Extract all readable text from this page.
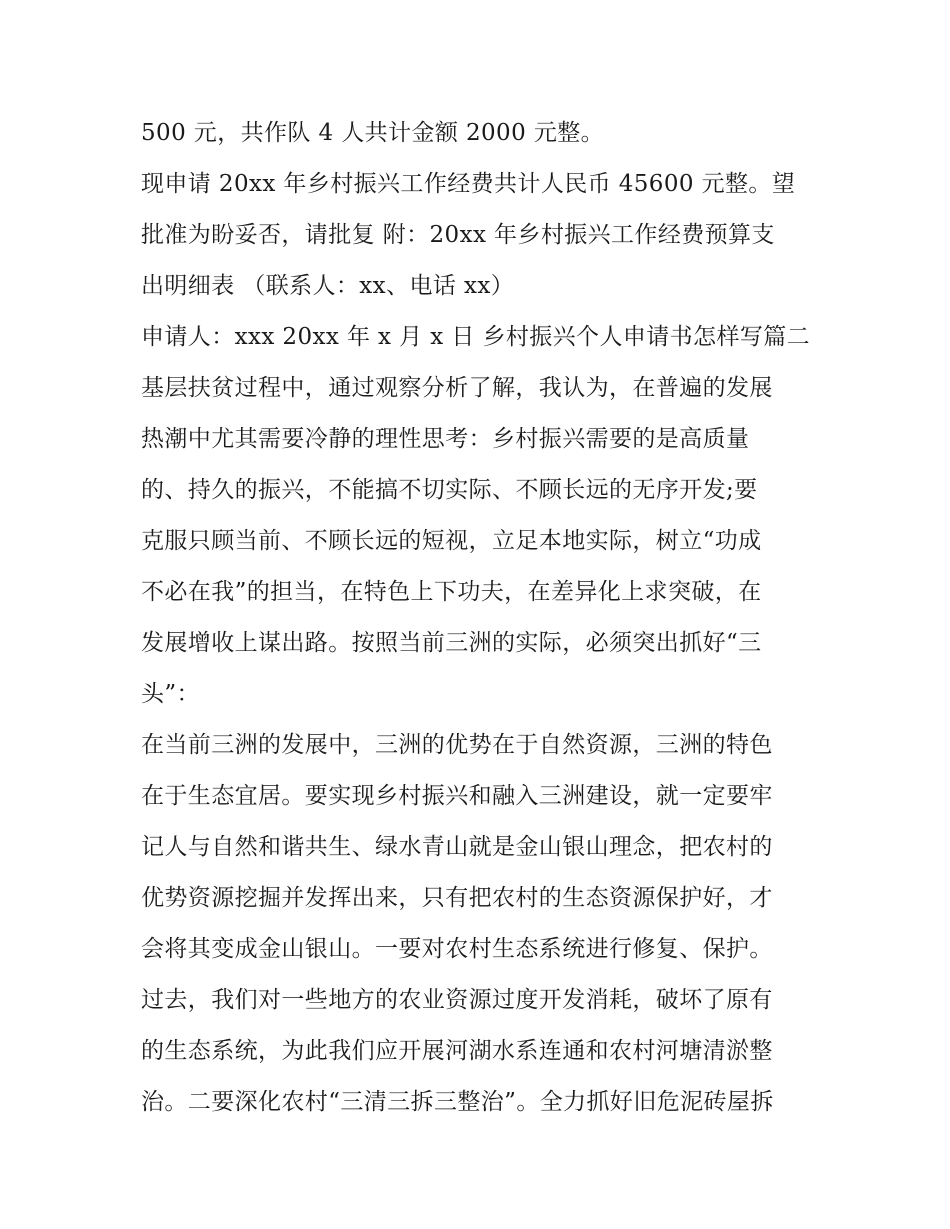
500 元，共作队 4 人共计金额 2000 元整。
现申请 20xx 年乡村振兴工作经费共计人民币 45600 元整。望
批准为盼妥否，请批复 附：20xx 年乡村振兴工作经费预算支
出明细表 （联系人：xx、电话 xx）
申请人：xxx 20xx 年 x 月 x 日 乡村振兴个人申请书怎样写篇二
基层扶贫过程中，通过观察分析了解，我认为，在普遍的发展
热潮中尤其需要冷静的理性思考：乡村振兴需要的是高质量
的、持久的振兴，不能搞不切实际、不顾长远的无序开发;要
克服只顾当前、不顾长远的短视，立足本地实际，树立“功成
不必在我”的担当，在特色上下功夫，在差异化上求突破，在
发展增收上谋出路。按照当前三洲的实际，必须突出抓好“三
头”：
在当前三洲的发展中，三洲的优势在于自然资源，三洲的特色
在于生态宜居。要实现乡村振兴和融入三洲建设，就一定要牢
记人与自然和谐共生、绿水青山就是金山银山理念，把农村的
优势资源挖掘并发挥出来，只有把农村的生态资源保护好，才
会将其变成金山银山。一要对农村生态系统进行修复、保护。
过去，我们对一些地方的农业资源过度开发消耗，破坏了原有
的生态系统，为此我们应开展河湖水系连通和农村河塘清淤整
治。二要深化农村“三清三拆三整治”。全力抓好旧危泥砖屋拆
